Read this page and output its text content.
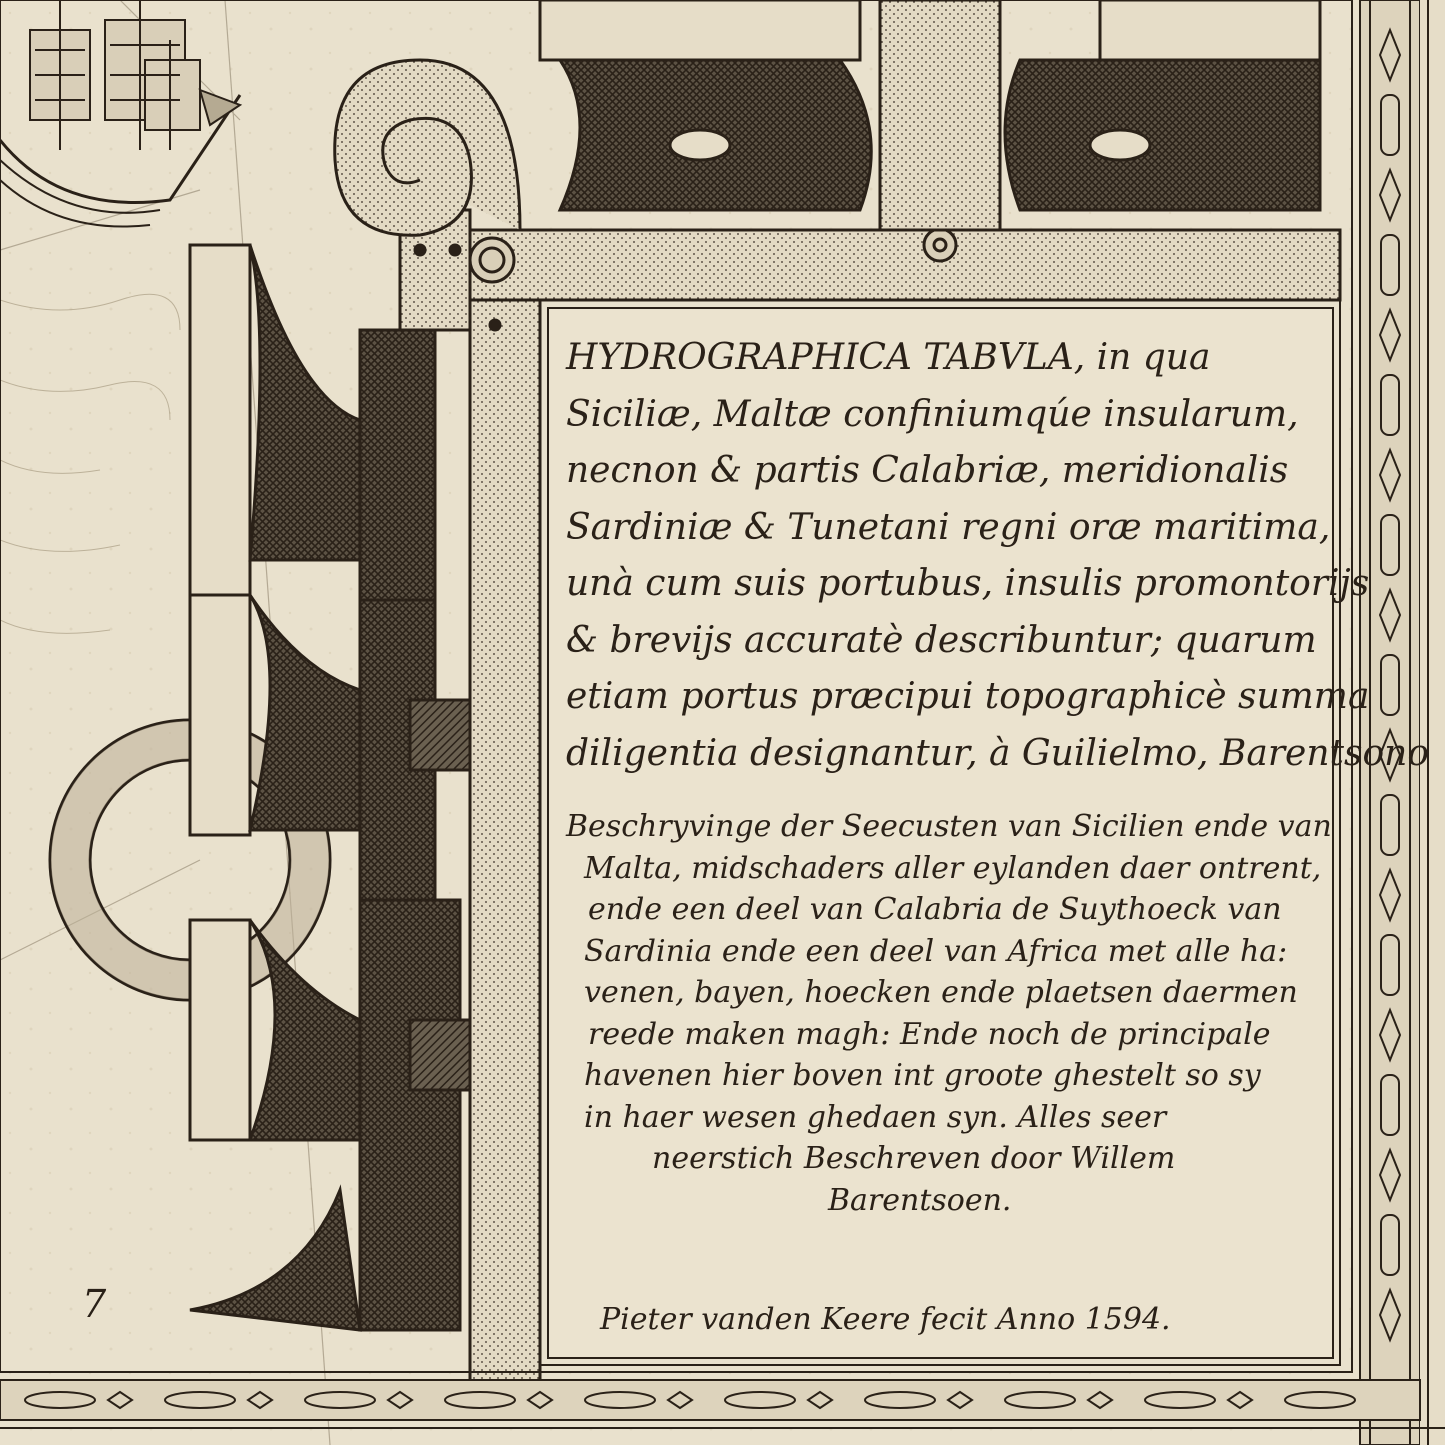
HYDROGRAPHICA TABVLA, in qua
Siciliæ, Maltæ confiniumqúe insularum,
necnon & partis Calabriæ, meridionalis
Sardiniæ & Tunetani regni oræ maritima,
unà cum suis portubus, insulis promontorijs
& brevijs accuratè describuntur; quarum
etiam portus præcipui topographicè summa
diligentia designantur, à Guilielmo, Barentsono
Beschryvinge der Seecusten van Sicilien ende van
Malta, midschaders aller eylanden daer ontrent,
ende een deel van Calabria de Suythoeck van
Sardinia ende een deel van Africa met alle ha:
venen, bayen, hoecken ende plaetsen daermen
reede maken magh: Ende noch de principale
havenen hier boven int groote ghestelt so sy
in haer wesen ghedaen syn. Alles seer
neerstich Beschreven door Willem
Barentsoen.
Pieter vanden Keere fecit Anno 1594.
7
